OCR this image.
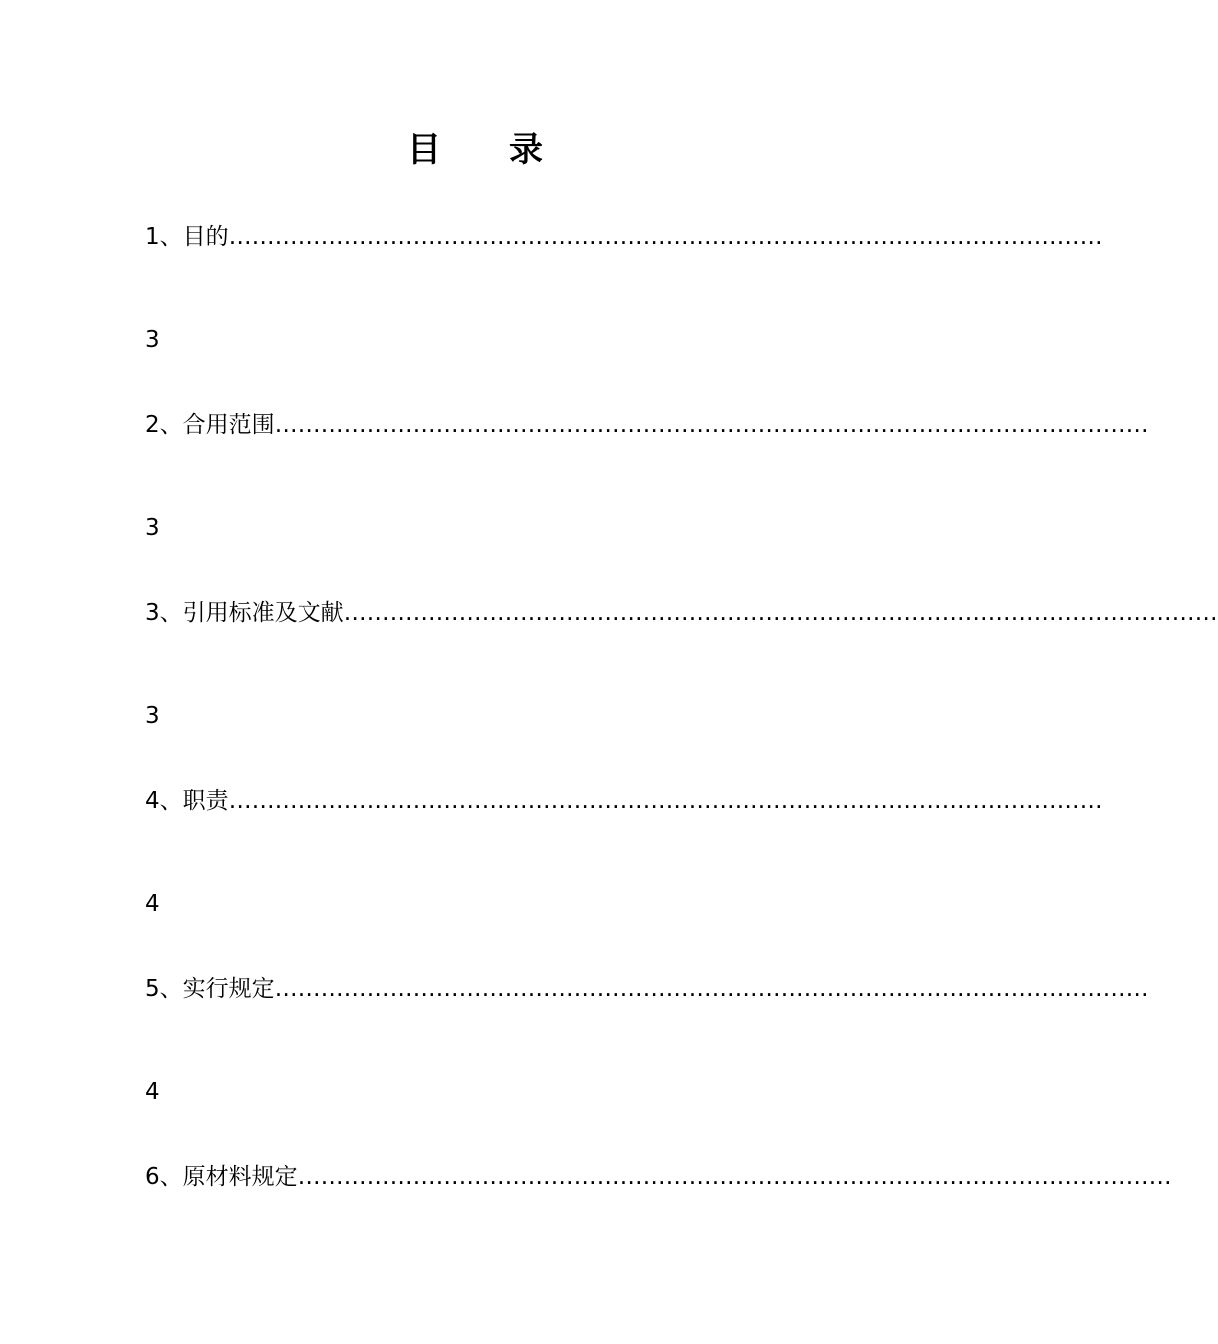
目　　录
1、目的 ……………………………………………………………………………………………………
3
2、合用范围 ……………………………………………………………………………………………………
3
3、引用标准及文献 ……………………………………………………………………………………………………
3
4、职责 ……………………………………………………………………………………………………
4
5、实行规定 ……………………………………………………………………………………………………
4
6、原材料规定 ……………………………………………………………………………………………………
